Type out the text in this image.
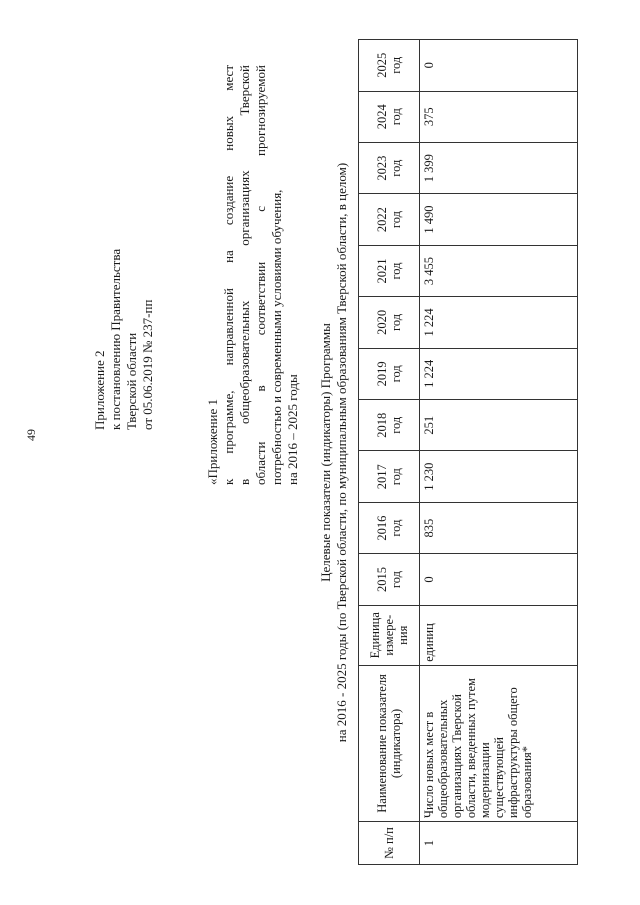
49
Приложение 2 к постановлению Правительства Тверской области от 05.06.2019 № 237-пп
«Приложение 1 к программе, направленной на создание новых мест в общеобразовательных организациях Тверской области в соответствии с прогнозируемой потребностью и современными условиями обучения, на 2016 – 2025 годы Целевые показатели (индикаторы) Программы на 2016 - 2025 годы (по Тверской области, по муниципальным образованиям Тверской области, в целом)
№ п/п	Наименование показателя (индикатора)	Единица измере-ния	2015 год	2016 год	2017 год	2018 год	2019 год	2020 год	2021 год	2022 год	2023 год	2024 год	2025 год
1	Число новых мест в общеобразовательных организациях Тверской области, введенных путем модернизации существующей инфраструктуры общего образования*	единиц	0	835	1 230	251	1 224	1 224	3 455	1 490	1 399	375	0
